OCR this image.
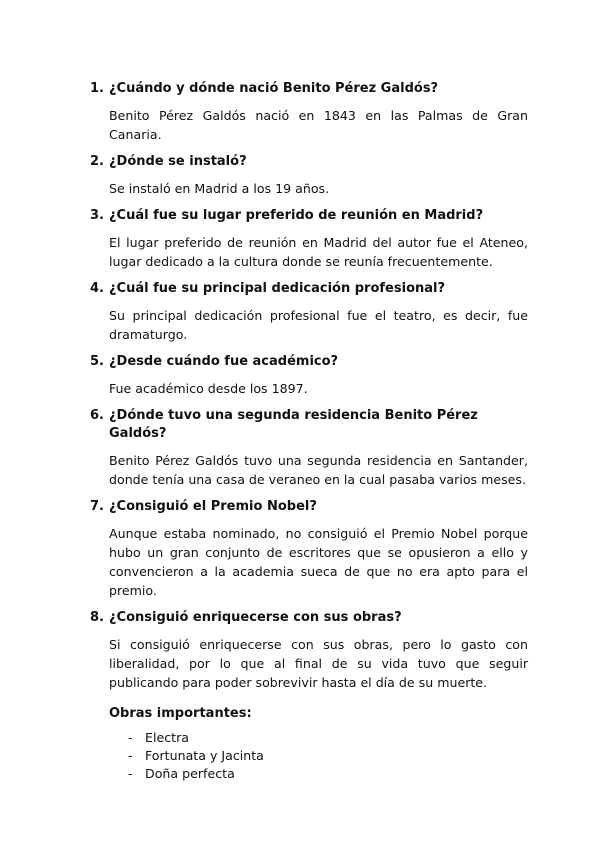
1. ¿Cuándo y dónde nació Benito Pérez Galdós?

Benito Pérez Galdós nació en 1843 en las Palmas de Gran Canaria.

2. ¿Dónde se instaló?

Se instaló en Madrid a los 19 años.

3. ¿Cuál fue su lugar preferido de reunión en Madrid?

El lugar preferido de reunión en Madrid del autor fue el Ateneo, lugar dedicado a la cultura donde se reunía frecuentemente.

4. ¿Cuál fue su principal dedicación profesional?

Su principal dedicación profesional fue el teatro, es decir, fue dramaturgo.

5. ¿Desde cuándo fue académico?

Fue académico desde los 1897.

6. ¿Dónde tuvo una segunda residencia Benito Pérez Galdós?

Benito Pérez Galdós tuvo una segunda residencia en Santander, donde tenía una casa de veraneo en la cual pasaba varios meses.

7. ¿Consiguió el Premio Nobel?

Aunque estaba nominado, no consiguió el Premio Nobel porque hubo un gran conjunto de escritores que se opusieron a ello y convencieron a la academia sueca de que no era apto para el premio.

8. ¿Consiguió enriquecerse con sus obras?

Si consiguió enriquecerse con sus obras, pero lo gasto con liberalidad, por lo que al final de su vida tuvo que seguir publicando para poder sobrevivir hasta el día de su muerte.

Obras importantes:

- Electra
- Fortunata y Jacinta
- Doña perfecta
